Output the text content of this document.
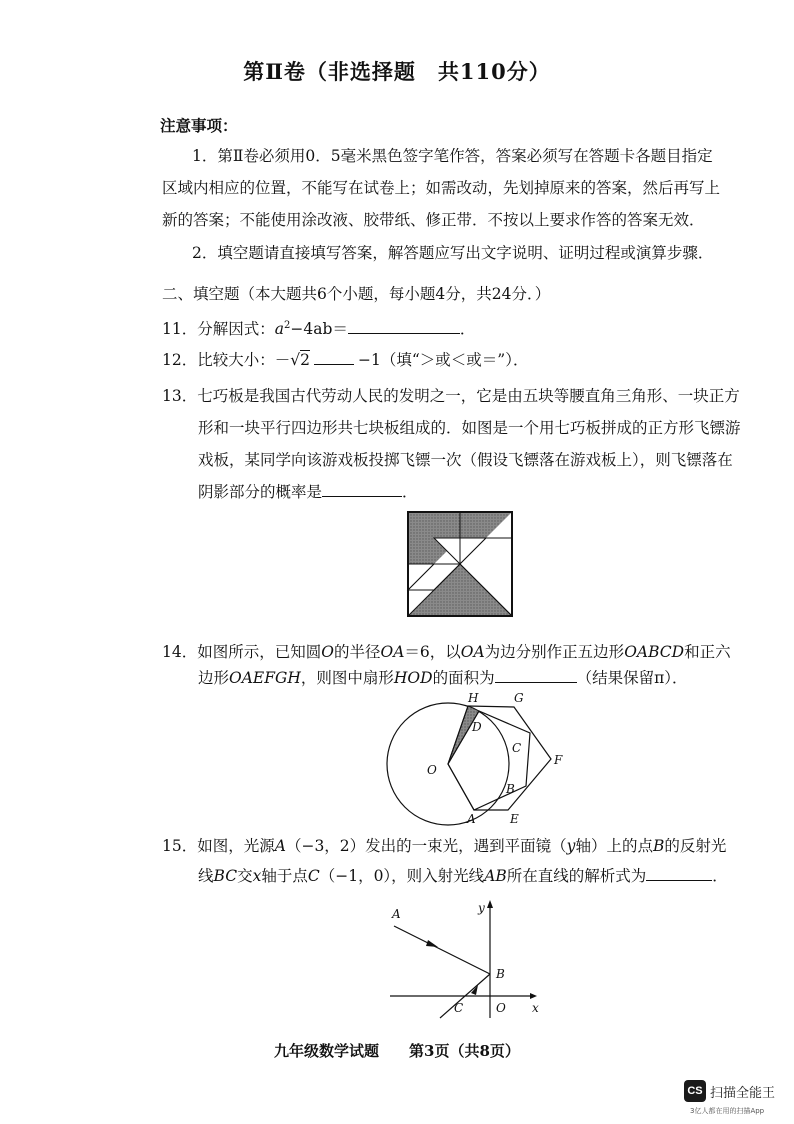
第Ⅱ卷（非选择题　共110分）
注意事项：
1．第Ⅱ卷必须用0．5毫米黑色签字笔作答，答案必须写在答题卡各题目指定
区域内相应的位置，不能写在试卷上；如需改动，先划掉原来的答案，然后再写上
新的答案；不能使用涂改液、胶带纸、修正带．不按以上要求作答的答案无效．
2．填空题请直接填写答案，解答题应写出文字说明、证明过程或演算步骤．
二、填空题（本大题共6个小题，每小题4分，共24分．）
11．分解因式：$a^2-4ab=$	．
12．比较大小：－√2	−1（填“＞或＜或＝”）．
13．七巧板是我国古代劳动人民的发明之一，它是由五块等腰直角三角形、一块正方
形和一块平行四边形共七块板组成的．如图是一个用七巧板拼成的正方形飞镖游
戏板，某同学向该游戏板投掷飞镖一次（假设飞镖落在游戏板上），则飞镖落在
阴影部分的概率是	．
14．如图所示，已知圆O的半径OA＝6，以OA为边分别作正五边形OABCD和正六
边形OAEFGH，则图中扇形HOD的面积为	（结果保留π）．
H	G
D
C
O
F
B
A	E
15．如图，光源A（−3，2）发出的一束光，遇到平面镜（y轴）上的点B的反射光
线BC交x轴于点C（−1，0），则入射光线AB所在直线的解析式为	．
A	y
B
C	O x
九年级数学试题　　第3页（共8页）
CS 扫描全能王
3亿人都在用的扫描App
